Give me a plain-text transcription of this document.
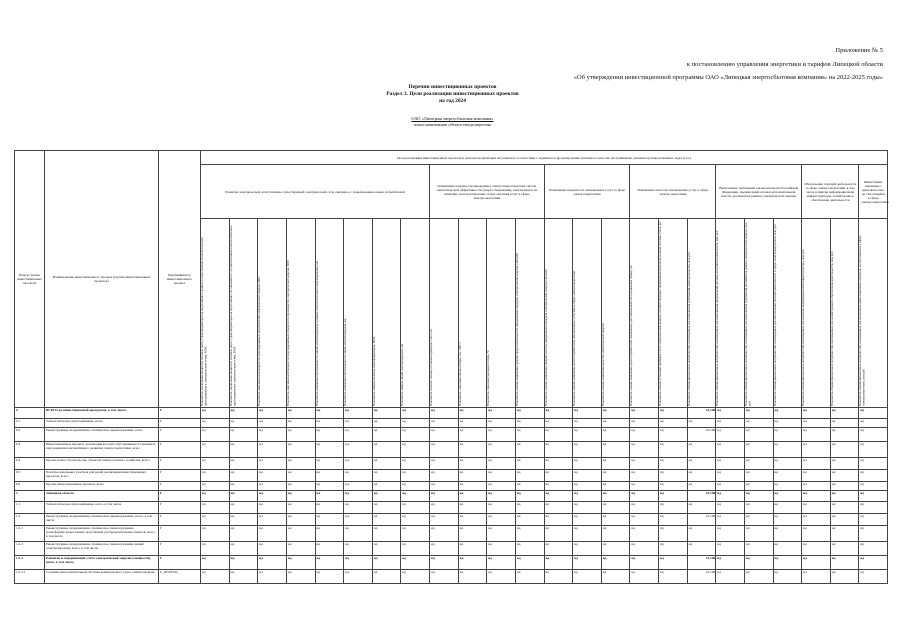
Приложение № 5
к постановлению управления энергетики и тарифов Липецкой области
«Об утверждении инвестиционной программы ОАО «Липецкая энергосбытовая компания» на 2022-2025 годы»
Перечни инвестиционных проектов
Раздел 3. Цели реализации инвестиционных проектов
на год 2024
ОАО «Липецкая энергосбытовая компания»
полное наименование субъекта электроэнергетики
Номер группы инвестиционных проектов	Наименование инвестиционного проекта (группы инвестиционных проектов)	Идентификатор инвестиционного проекта	Цели реализации инвестиционных проектов и показатели (критерии их) оценки в соответствии с заданием на проектирование (планового качества обслуживания, решения производственных задач и т.п.)																							
			Развитие электрической сети/усиление существующей электрической сети, связанное с подключением новых потребителей								Повышение надежности (внедрение) электроэнергетических систем энергетической эффективности (энергосбережения), направленное на снижение эксплуатационных затрат оказания услуг в сфере электроэнергетики				Повышение надежности оказываемых услуг в сфере электроэнергетики			Повышение качества оказываемых услуг в сфере электроэнергетики			Выполнение требований законодательства Российской Федерации, предписаний органов исполнительной власти, регламентов рынков электрической энергии			Обеспечение текущей деятельности в сфере электроэнергетики, в том числе развитие информационной инфраструктуры, хозяйственное обеспечение деятельности		Инвестиции, связанные с деятельностью, не относящейся к сфере электроэнергетики

			Показатель увеличения мощности силовых (авто-) трансформаторов на подстанциях в рамках осуществления технологического присоединения к электрическим сетям, МВА	Показатель увеличения мощности силовых (авто-) трансформаторов на подстанциях, не связанного с осуществлением технологического присоединения к электрическим сетям, МВА	Показатель максимальной мощности присоединяемых потребителей электрической энергии, МВт	Показатель максимальной мощности присоединяемых объектов по производству электрической энергии, МВт	Показатель изменения протяженности линий электропередачи в рамках технологического присоединения, км	Показатель изменения протяженности линий электропередачи, км	Показатель замены силовых трансформаторов, МВА	Показатель замены линий электропередачи, км	Показатель полного объема установки приборов учета, шт	Показатель снижения объема потерь, тыс. кВт·ч	Показатель снижения удельных потерь, %	Показатель оценки изменения средней продолжительности прекращения передачи электрической энергии (ΔПsaidi)	Показатель оценки изменения средней частоты прекращения передачи электрической энергии (ΔПsaifi)	Показатель оценки изменения доли потребителей, обеспеченных услугами в сфере электроэнергетики	Показатель оценки изменения качества электрической энергии	Показатель оценки изменения доли потребителей, охваченных дистанционным обслуживанием (Пвип), шт	Показатель объема установки приборов учета электрической энергии, соответствующих требованиям интеллектуальной системы учета, шт	Показатель объема финансовых потребностей, необходимых для выполнения требований законодательства, млн руб	Показатель объема финансовых потребностей, необходимых для выполнения предписаний органов исполнительной власти, млн руб	Показатель объема финансовых потребностей, необходимых для выполнения требований регламентов рынков электрической энергии, млн руб	Показатель объема финансовых потребностей, необходимых для обеспечения текущей деятельности в сфере электроэнергетики, млн руб	Показатель объема финансовых потребностей, необходимых для развития информационной инфраструктуры, млн руб	Показатель объема финансовых потребностей, необходимых для хозяйственного обеспечения деятельности, млн руб	Показатель объема финансовых потребностей, необходимых для реализации инвестиционных проектов, не относящихся к сфере электроэнергетики, млн руб

0	ВСЕГО по инвестиционной программе, в том числе:	Г	нд	нд	нд	нд	нд	нд	нд	нд	нд	нд	нд	нд	нд	нд	нд	нд	нд	23,106	нд	нд	нд	нд	нд	нд
0.1	Технологическое присоединение, всего	Г	нд	нд	нд	нд	нд	нд	нд	нд	нд	нд	нд	нд	нд	нд	нд	нд	нд	нд	нд	нд	нд	нд	нд	нд
0.2	Реконструкция, модернизация, техническое перевооружение, всего	Г	нд	нд	нд	нд	нд	нд	нд	нд	нд	нд	нд	нд	нд	нд	нд	нд	нд	23,106	нд	нд	нд	нд	нд	нд
0.3	Инвестиционные проекты, реализация которых обуславливается схемами и программами перспективного развития электроэнергетики, всего	Г	нд	нд	нд	нд	нд	нд	нд	нд	нд	нд	нд	нд	нд	нд	нд	нд	нд	нд	нд	нд	нд	нд	нд	нд
0.4	Прочее новое строительство объектов электросетевого хозяйства, всего	Г	нд	нд	нд	нд	нд	нд	нд	нд	нд	нд	нд	нд	нд	нд	нд	нд	нд	нд	нд	нд	нд	нд	нд	нд
0.5	Покупка земельных участков для целей реализации инвестиционных проектов, всего	Г	нд	нд	нд	нд	нд	нд	нд	нд	нд	нд	нд	нд	нд	нд	нд	нд	нд	нд	нд	нд	нд	нд	нд	нд
0.6	Прочие инвестиционные проекты, всего	Г	нд	нд	нд	нд	нд	нд	нд	нд	нд	нд	нд	нд	нд	нд	нд	нд	нд	нд	нд	нд	нд	нд	нд	нд
1.	Липецкая область	Г	нд	нд	нд	нд	нд	нд	нд	нд	нд	нд	нд	нд	нд	нд	нд	нд	нд	23,106	нд	нд	нд	нд	нд	нд
1.1	Технологическое присоединение, всего, в том числе	Г	нд	нд	нд	нд	нд	нд	нд	нд	нд	нд	нд	нд	нд	нд	нд	нд	нд	нд	нд	нд	нд	нд	нд	нд
1.2	Реконструкция, модернизация, техническое перевооружение, всего, в том числе	Г	нд	нд	нд	нд	нд	нд	нд	нд	нд	нд	нд	нд	нд	нд	нд	нд	нд	23,106	нд	нд	нд	нд	нд	нд
1.2.1	Реконструкция, модернизация, техническое перевооружение трансформаторных и иных подстанций, распределительных пунктов, всего, в том числе	Г	нд	нд	нд	нд	нд	нд	нд	нд	нд	нд	нд	нд	нд	нд	нд	нд	нд	нд	нд	нд	нд	нд	нд	нд
1.2.2	Реконструкция, модернизация, техническое перевооружение линий электропередачи, всего, в том числе	Г	нд	нд	нд	нд	нд	нд	нд	нд	нд	нд	нд	нд	нд	нд	нд	нд	нд	нд	нд	нд	нд	нд	нд	нд
1.2.3	Развитие и модернизация учета электрической энергии (мощности), всего, в том числе	Г	нд	нд	нд	нд	нд	нд	нд	нд	нд	нд	нд	нд	нд	нд	нд	нд	нд	23,106	нд	нд	нд	нд	нд	нд
1.2.3.1	Создание интеллектуальной системы коммерческого учета электроэнергии	L_0050YTO_	нд	нд	нд	нд	нд	нд	нд	нд	нд	нд	нд	нд	нд	нд	нд	нд	нд	23,106	нд	нд	нд	нд	нд	нд
